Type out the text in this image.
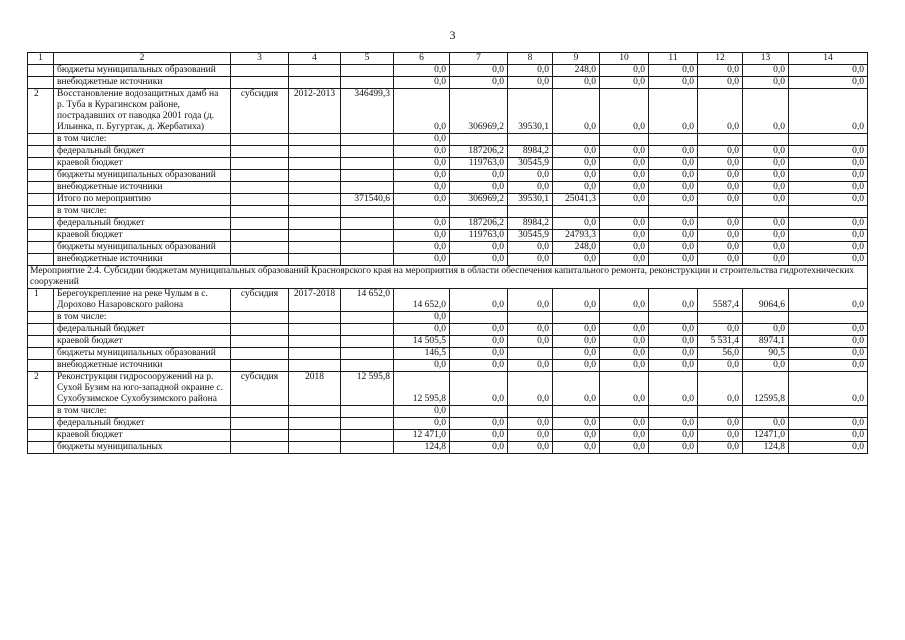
3
1	2	3	4	5	6	7	8	9	10	11	12	13	14
	бюджеты муниципальных образований				0,0	0,0	0,0	248,0	0,0	0,0	0,0	0,0	0,0
	внебюджетные источники				0,0	0,0	0,0	0,0	0,0	0,0	0,0	0,0	0,0
2	Восстановление водозащитных дамб на р. Туба в Курагинском районе, пострадавших от паводка 2001 года (д. Ильинка, п. Бугуртак, д. Жербатиха)	субсидия	2012-2013	346499,3	0,0	306969,2	39530,1	0,0	0,0	0,0	0,0	0,0	0,0
	в том числе:				0,0								
	федеральный бюджет				0,0	187206,2	8984,2	0,0	0,0	0,0	0,0	0,0	0,0
	краевой бюджет				0,0	119763,0	30545,9	0,0	0,0	0,0	0,0	0,0	0,0
	бюджеты муниципальных образований				0,0	0,0	0,0	0,0	0,0	0,0	0,0	0,0	0,0
	внебюджетные источники				0,0	0,0	0,0	0,0	0,0	0,0	0,0	0,0	0,0
	Итого по мероприятию			371540,6	0,0	306969,2	39530,1	25041,3	0,0	0,0	0,0	0,0	0,0
	в том числе:												
	федеральный бюджет				0,0	187206,2	8984,2	0,0	0,0	0,0	0,0	0,0	0,0
	краевой бюджет				0,0	119763,0	30545,9	24793,3	0,0	0,0	0,0	0,0	0,0
	бюджеты муниципальных образований				0,0	0,0	0,0	248,0	0,0	0,0	0,0	0,0	0,0
	внебюджетные источники				0,0	0,0	0,0	0,0	0,0	0,0	0,0	0,0	0,0
Мероприятие 2.4. Субсидии бюджетам муниципальных образований Красноярского края на мероприятия в области обеспечения капитального ремонта, реконструкции и строительства гидротехнических сооружений													
1	Берегоукрепление на реке Чулым в с. Дорохово Назаровского района	субсидия	2017-2018	14 652,0	14 652,0	0,0	0,0	0,0	0,0	0,0	5587,4	9064,6	0,0
	в том числе:				0,0								
	федеральный бюджет				0,0	0,0	0,0	0,0	0,0	0,0	0,0	0,0	0,0
	краевой бюджет				14 505,5	0,0	0,0	0,0	0,0	0,0	5 531,4	8974,1	0,0
	бюджеты муниципальных образований				146,5	0,0		0,0	0,0	0,0	56,0	90,5	0,0
	внебюджетные источники				0,0	0,0	0,0	0,0	0,0	0,0	0,0	0,0	0,0
2	Реконструкция гидросооружений на р. Сухой Бузим на юго-западной окраине с. Сухобузимское Сухобузимского района	субсидия	2018	12 595,8	12 595,8	0,0	0,0	0,0	0,0	0,0	0,0	12595,8	0,0
	в том числе:				0,0								
	федеральный бюджет				0,0	0,0	0,0	0,0	0,0	0,0	0,0	0,0	0,0
	краевой бюджет				12 471,0	0,0	0,0	0,0	0,0	0,0	0,0	12471,0	0,0
	бюджеты муниципальных				124,8	0,0	0,0	0,0	0,0	0,0	0,0	124,8	0,0
